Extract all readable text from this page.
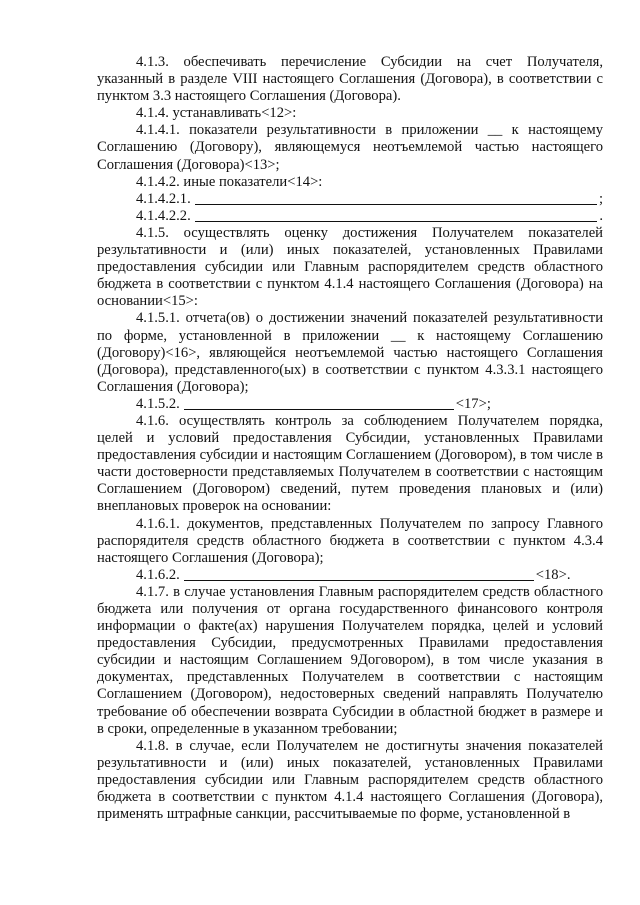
4.1.3. обеспечивать перечисление Субсидии на счет Получателя, указанный в разделе VIII настоящего Соглашения (Договора), в соответствии с пунктом 3.3 настоящего Соглашения (Договора).

4.1.4. устанавливать<12>:

4.1.4.1. показатели результативности в приложении __ к настоящему Соглашению (Договору), являющемуся неотъемлемой частью настоящего Соглашения (Договора)<13>;

4.1.4.2. иные показатели<14>:

4.1.4.2.1.	;
4.1.4.2.2.	.

4.1.5. осуществлять оценку достижения Получателем показателей результативности и (или) иных показателей, установленных Правилами предоставления субсидии или Главным распорядителем средств областного бюджета в соответствии с пунктом 4.1.4 настоящего Соглашения (Договора) на основании<15>:

4.1.5.1. отчета(ов) о достижении значений показателей результативности по форме, установленной в приложении __ к настоящему Соглашению (Договору)<16>, являющейся неотъемлемой частью настоящего Соглашения (Договора), представленного(ых) в соответствии с пунктом 4.3.3.1 настоящего Соглашения (Договора);

4.1.5.2.	<17>;

4.1.6. осуществлять контроль за соблюдением Получателем порядка, целей и условий предоставления Субсидии, установленных Правилами предоставления субсидии и настоящим Соглашением (Договором), в том числе в части достоверности представляемых Получателем в соответствии с настоящим Соглашением (Договором) сведений, путем проведения плановых и (или) внеплановых проверок на основании:

4.1.6.1. документов, представленных Получателем по запросу Главного распорядителя средств областного бюджета в соответствии с пунктом 4.3.4 настоящего Соглашения (Договора);

4.1.6.2.	<18>.

4.1.7. в случае установления Главным распорядителем средств областного бюджета или получения от органа государственного финансового контроля информации о факте(ах) нарушения Получателем порядка, целей и условий предоставления Субсидии, предусмотренных Правилами предоставления субсидии и настоящим Соглашением 9Договором), в том числе указания в документах, представленных Получателем в соответствии с настоящим Соглашением (Договором), недостоверных сведений направлять Получателю требование об обеспечении возврата Субсидии в областной бюджет в размере и в сроки, определенные в указанном требовании;

4.1.8. в случае, если Получателем не достигнуты значения показателей результативности и (или) иных показателей, установленных Правилами предоставления субсидии или Главным распорядителем средств областного бюджета в соответствии с пунктом 4.1.4 настоящего Соглашения (Договора), применять штрафные санкции, рассчитываемые по форме, установленной в
